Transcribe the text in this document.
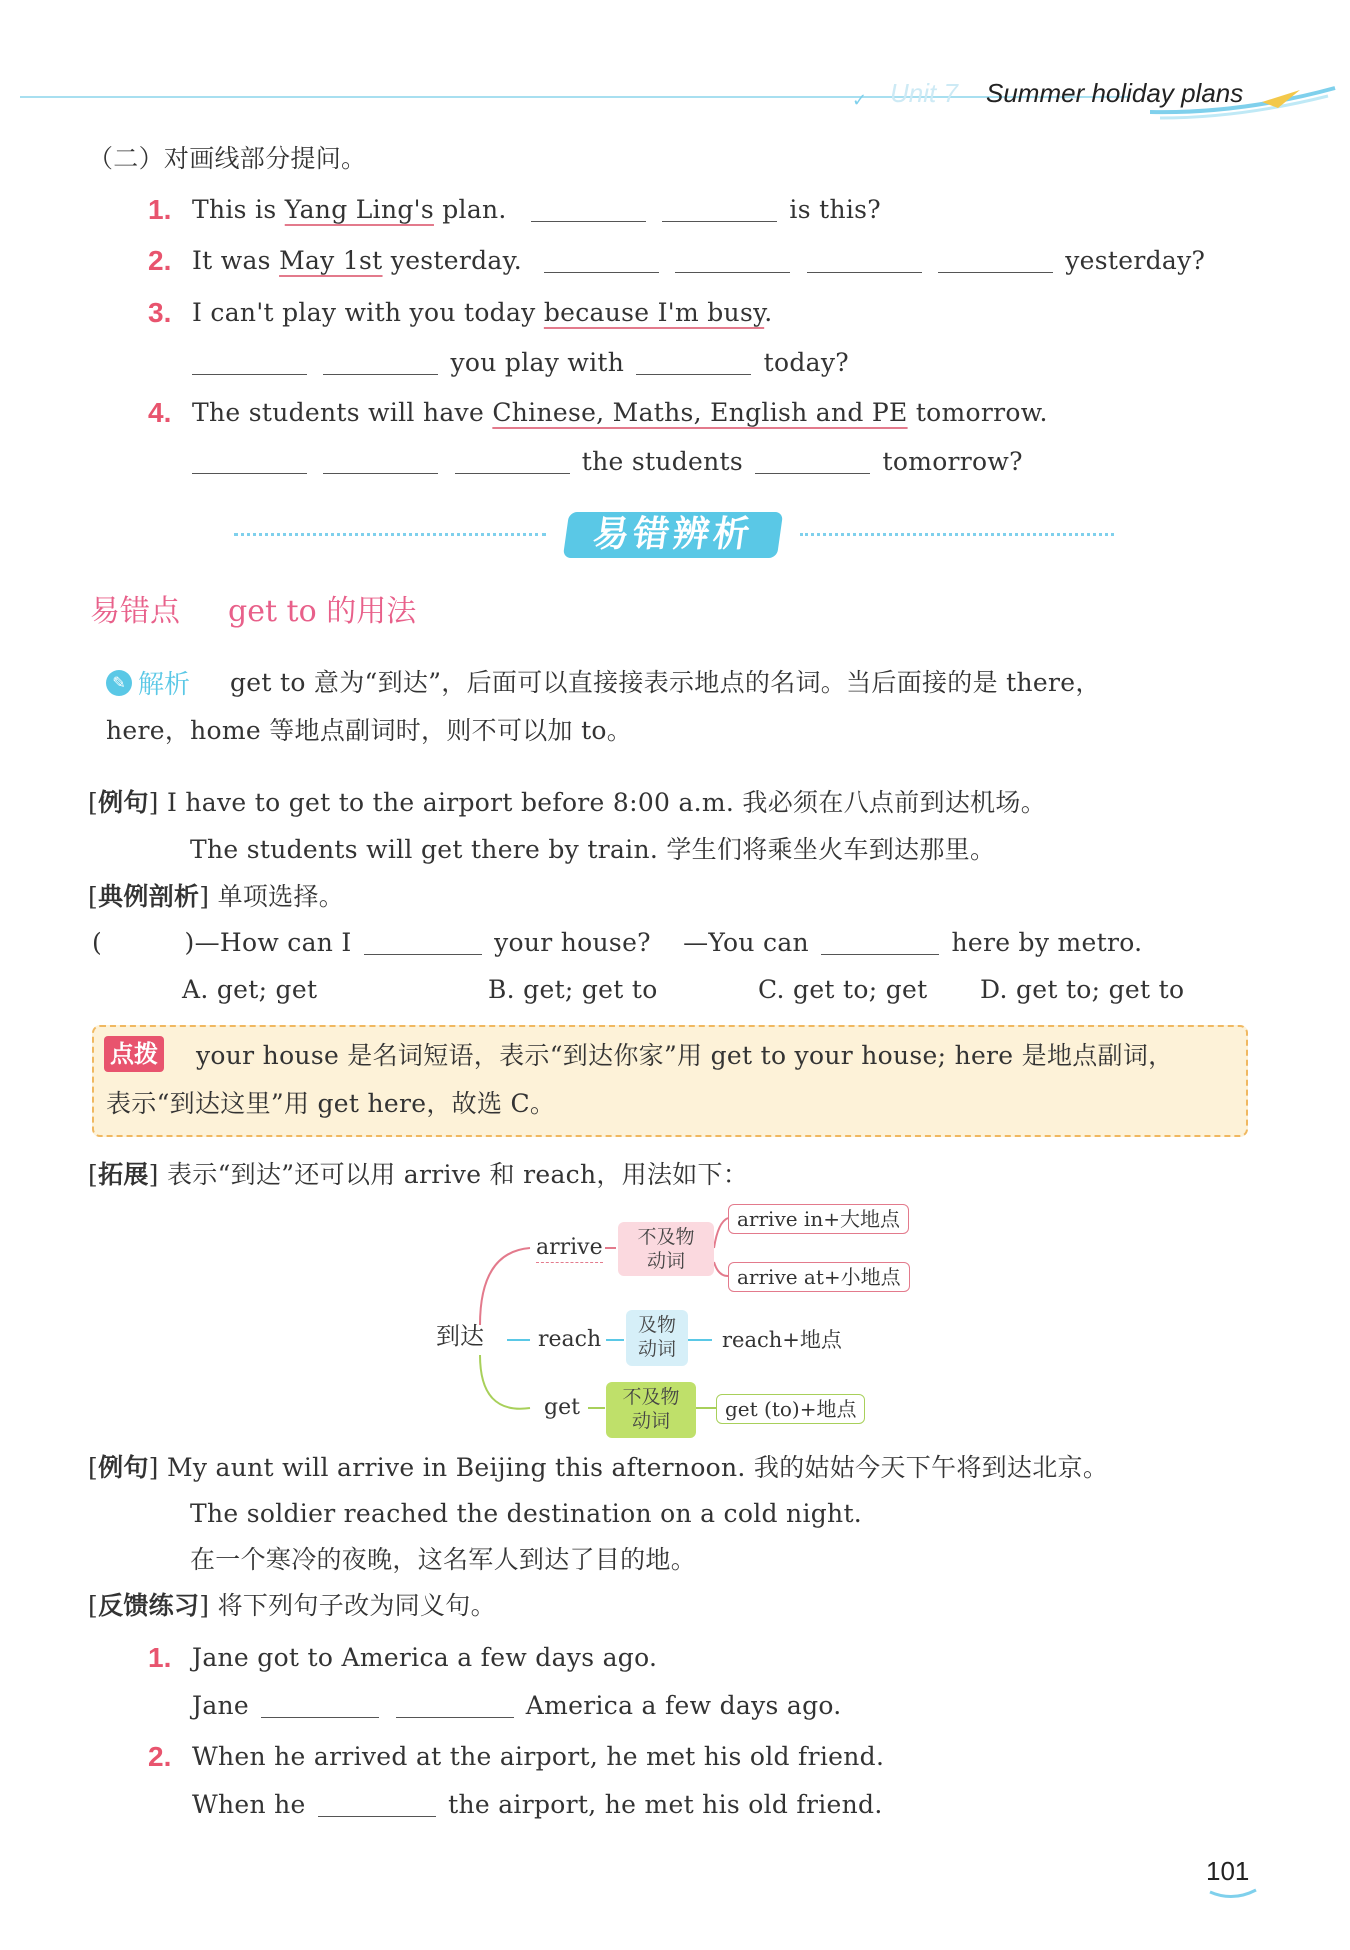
✓ Unit 7 Summer holiday plans
（二）对画线部分提问。
1. This is Yang Ling's plan.	is this?
2. It was May 1st yesterday.	yesterday?
3. I can't play with you today because I'm busy.
you play with	today?
4. The students will have Chinese, Maths, English and PE tomorrow.
the students	tomorrow?
易错辨析
易错点 get to 的用法
✎ 解析 get to 意为“到达”，后面可以直接接表示地点的名词。当后面接的是 there，
here，home 等地点副词时，则不可以加 to。
[例句] I have to get to the airport before 8:00 a.m. 我必须在八点前到达机场。
The students will get there by train. 学生们将乘坐火车到达那里。
[典例剖析] 单项选择。
(          )—How can I	your house? —You can	here by metro.
A. get; get	B. get; get to	C. get to; get D. get to; get to
点拨 your house 是名词短语，表示“到达你家”用 get to your house; here 是地点副词，
表示“到达这里”用 get here，故选 C。
[拓展] 表示“到达”还可以用 arrive 和 reach，用法如下：
到达
arrive	不及物动词
arrive in+大地点
arrive at+小地点
reach
及物动词	reach+地点
get	不及物动词	get (to)+地点
[例句] My aunt will arrive in Beijing this afternoon. 我的姑姑今天下午将到达北京。
The soldier reached the destination on a cold night.
在一个寒冷的夜晚，这名军人到达了目的地。
[反馈练习] 将下列句子改为同义句。
1. Jane got to America a few days ago.
Jane	America a few days ago.
2. When he arrived at the airport, he met his old friend.
When he	the airport, he met his old friend.
101
